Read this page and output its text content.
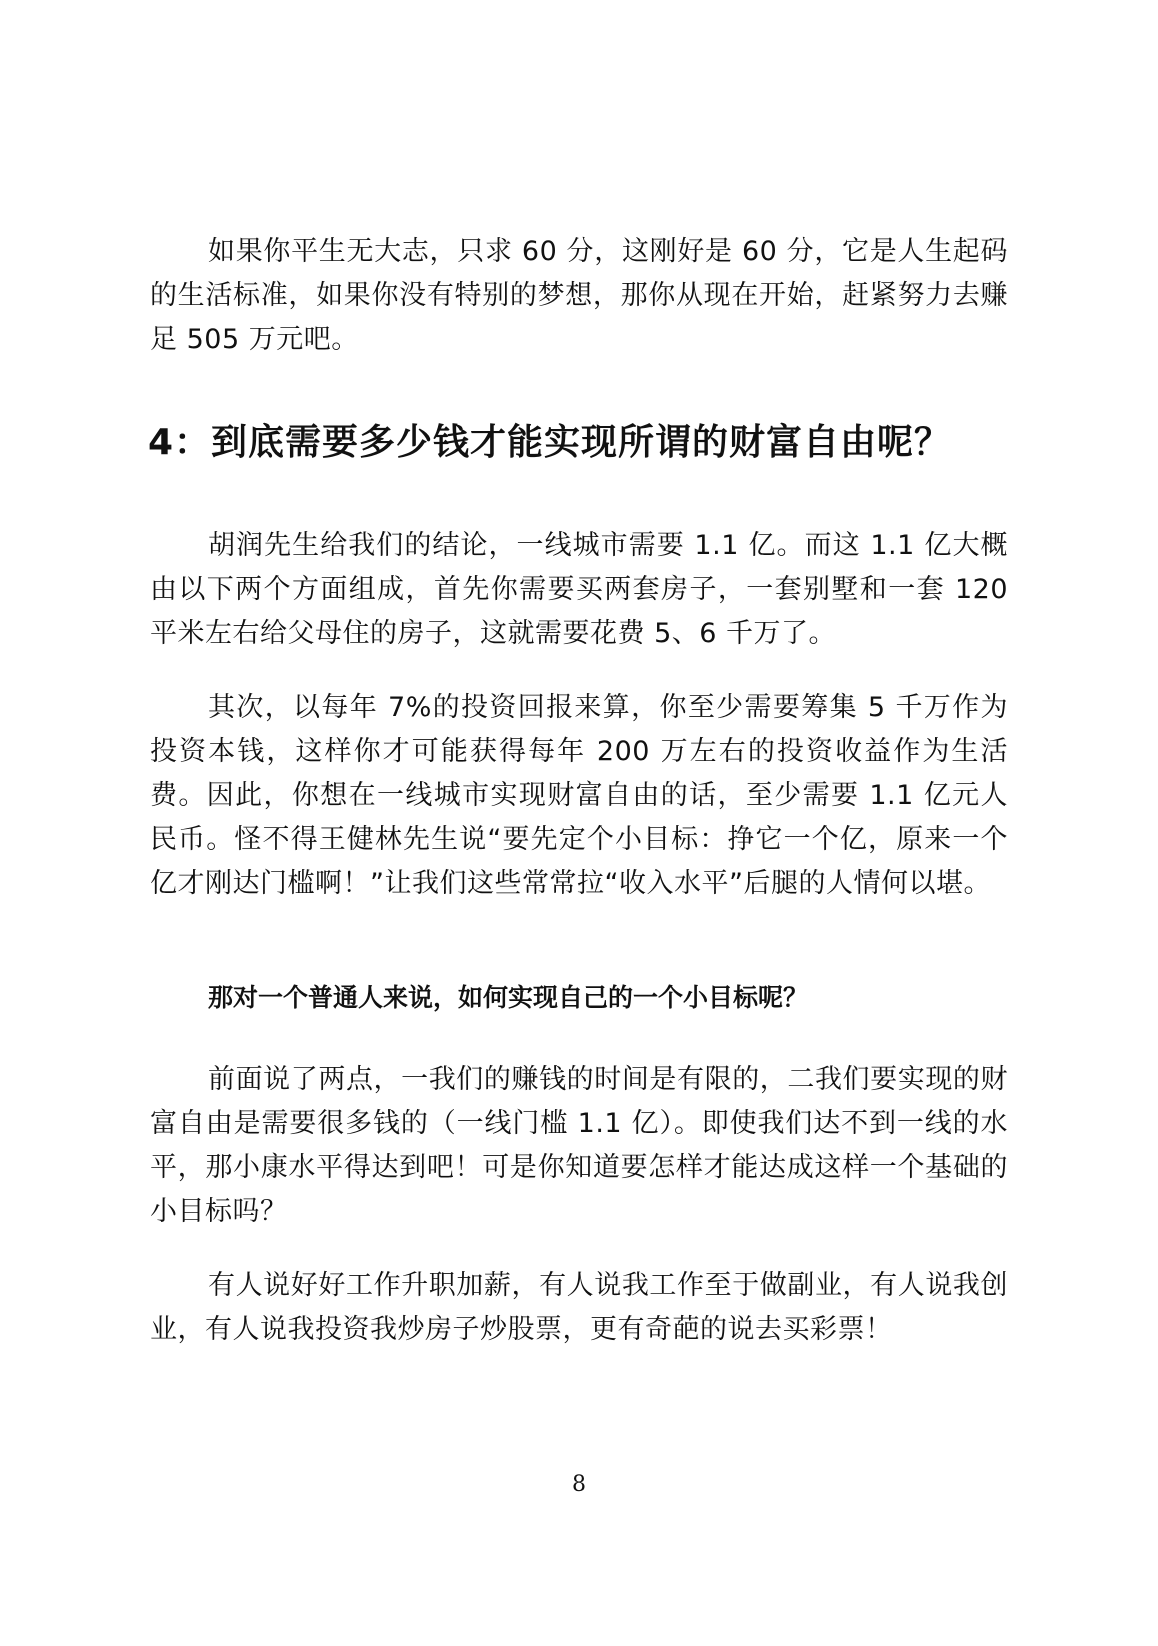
如果你平生无大志，只求 60 分，这刚好是 60 分，它是人生起码的生活标准，如果你没有特别的梦想，那你从现在开始，赶紧努力去赚足 505 万元吧。

4：到底需要多少钱才能实现所谓的财富自由呢？

胡润先生给我们的结论，一线城市需要 1.1 亿。而这 1.1 亿大概由以下两个方面组成，首先你需要买两套房子，一套别墅和一套 120 平米左右给父母住的房子，这就需要花费 5、6 千万了。

其次，以每年 7%的投资回报来算，你至少需要筹集 5 千万作为投资本钱，这样你才可能获得每年 200 万左右的投资收益作为生活费。因此，你想在一线城市实现财富自由的话，至少需要 1.1 亿元人民币。怪不得王健林先生说“要先定个小目标：挣它一个亿，原来一个亿才刚达门槛啊！”让我们这些常常拉“收入水平”后腿的人情何以堪。

那对一个普通人来说，如何实现自己的一个小目标呢？

前面说了两点，一我们的赚钱的时间是有限的，二我们要实现的财富自由是需要很多钱的（一线门槛 1.1 亿）。即使我们达不到一线的水平，那小康水平得达到吧！可是你知道要怎样才能达成这样一个基础的小目标吗？

有人说好好工作升职加薪，有人说我工作至于做副业，有人说我创业，有人说我投资我炒房子炒股票，更有奇葩的说去买彩票！

8
